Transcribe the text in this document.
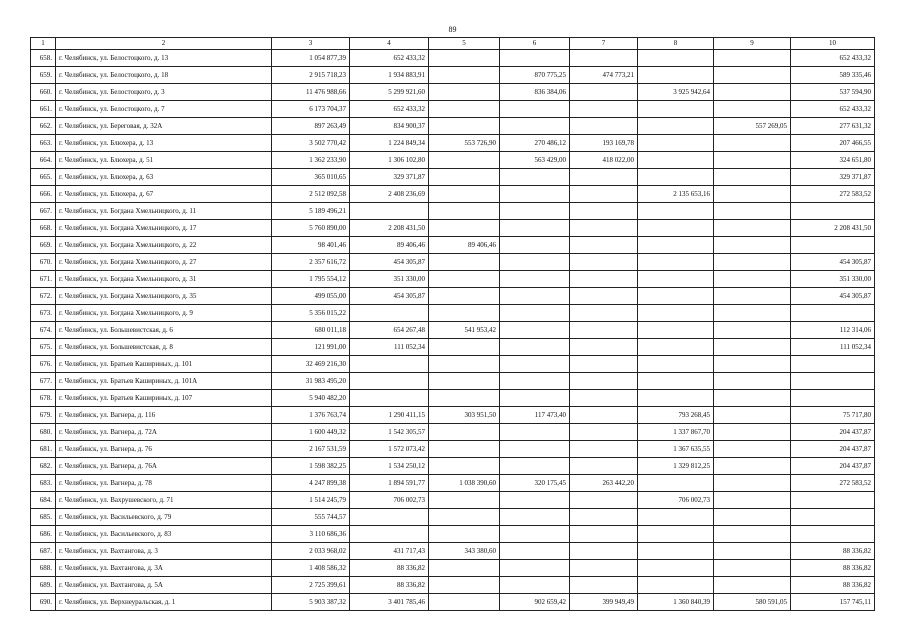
89
1	2	3	4	5	6	7	8	9	10
658.	г. Челябинск, ул. Белостоцкого, д. 13	1 054 877,39	652 433,32						652 433,32
659.	г. Челябинск, ул. Белостоцкого, д. 18	2 915 718,23	1 934 883,91		870 775,25	474 773,21			589 335,46
660.	г. Челябинск, ул. Белостоцкого, д. 3	11 476 988,66	5 299 921,60		836 384,06		3 925 942,64		537 594,90
661.	г. Челябинск, ул. Белостоцкого, д. 7	6 173 704,37	652 433,32						652 433,32
662.	г. Челябинск, ул. Береговая, д. 32А	897 263,49	834 900,37					557 269,05	277 631,32
663.	г. Челябинск, ул. Блюхера, д. 13	3 502 770,42	1 224 849,34	553 726,90	270 486,12	193 169,78			207 466,55
664.	г. Челябинск, ул. Блюхера, д. 51	1 362 233,90	1 306 102,80		563 429,00	418 022,00			324 651,80
665.	г. Челябинск, ул. Блюхера, д. 63	365 010,65	329 371,87						329 371,87
666.	г. Челябинск, ул. Блюхера, д. 67	2 512 092,58	2 408 236,69				2 135 653,16		272 583,52
667.	г. Челябинск, ул. Богдана Хмельницкого, д. 11	5 189 496,21							
668.	г. Челябинск, ул. Богдана Хмельницкого, д. 17	5 760 890,00	2 208 431,50						2 208 431,50
669.	г. Челябинск, ул. Богдана Хмельницкого, д. 22	98 401,46	89 406,46	89 406,46					
670.	г. Челябинск, ул. Богдана Хмельницкого, д. 27	2 357 616,72	454 305,87						454 305,87
671.	г. Челябинск, ул. Богдана Хмельницкого, д. 31	1 795 554,12	351 330,00						351 330,00
672.	г. Челябинск, ул. Богдана Хмельницкого, д. 35	499 055,00	454 305,87						454 305,87
673.	г. Челябинск, ул. Богдана Хмельницкого, д. 9	5 356 015,22							
674.	г. Челябинск, ул. Большевистская, д. 6	680 011,18	654 267,48	541 953,42					112 314,06
675.	г. Челябинск, ул. Большевистская, д. 8	121 991,00	111 052,34						111 052,34
676.	г. Челябинск, ул. Братьев Кашириных, д. 101	32 469 216,30							
677.	г. Челябинск, ул. Братьев Кашириных, д. 101А	31 983 495,20							
678.	г. Челябинск, ул. Братьев Кашириных, д. 107	5 940 482,20							
679.	г. Челябинск, ул. Вагнера, д. 116	1 376 763,74	1 290 411,15	303 951,50	117 473,40		793 268,45		75 717,80
680.	г. Челябинск, ул. Вагнера, д. 72А	1 600 449,32	1 542 305,57				1 337 867,70		204 437,87
681.	г. Челябинск, ул. Вагнера, д. 76	2 167 531,59	1 572 073,42				1 367 635,55		204 437,87
682.	г. Челябинск, ул. Вагнера, д. 76А	1 598 382,25	1 534 250,12				1 329 812,25		204 437,87
683.	г. Челябинск, ул. Вагнера, д. 78	4 247 899,38	1 894 591,77	1 038 390,60	320 175,45	263 442,20			272 583,52
684.	г. Челябинск, ул. Вахрушевского, д. 71	1 514 245,79	706 002,73				706 002,73		
685.	г. Челябинск, ул. Васильевского, д. 79	555 744,57							
686.	г. Челябинск, ул. Васильевского, д. 83	3 110 686,36							
687.	г. Челябинск, ул. Вахтангова, д. 3	2 033 968,02	431 717,43	343 380,60					88 336,82
688.	г. Челябинск, ул. Вахтангова, д. 3А	1 408 586,32	88 336,82						88 336,82
689.	г. Челябинск, ул. Вахтангова, д. 5А	2 725 399,61	88 336,82						88 336,82
690.	г. Челябинск, ул. Верхнеуральская, д. 1	5 903 387,32	3 401 785,46		902 659,42	399 949,49	1 360 840,39	580 591,05	157 745,11
